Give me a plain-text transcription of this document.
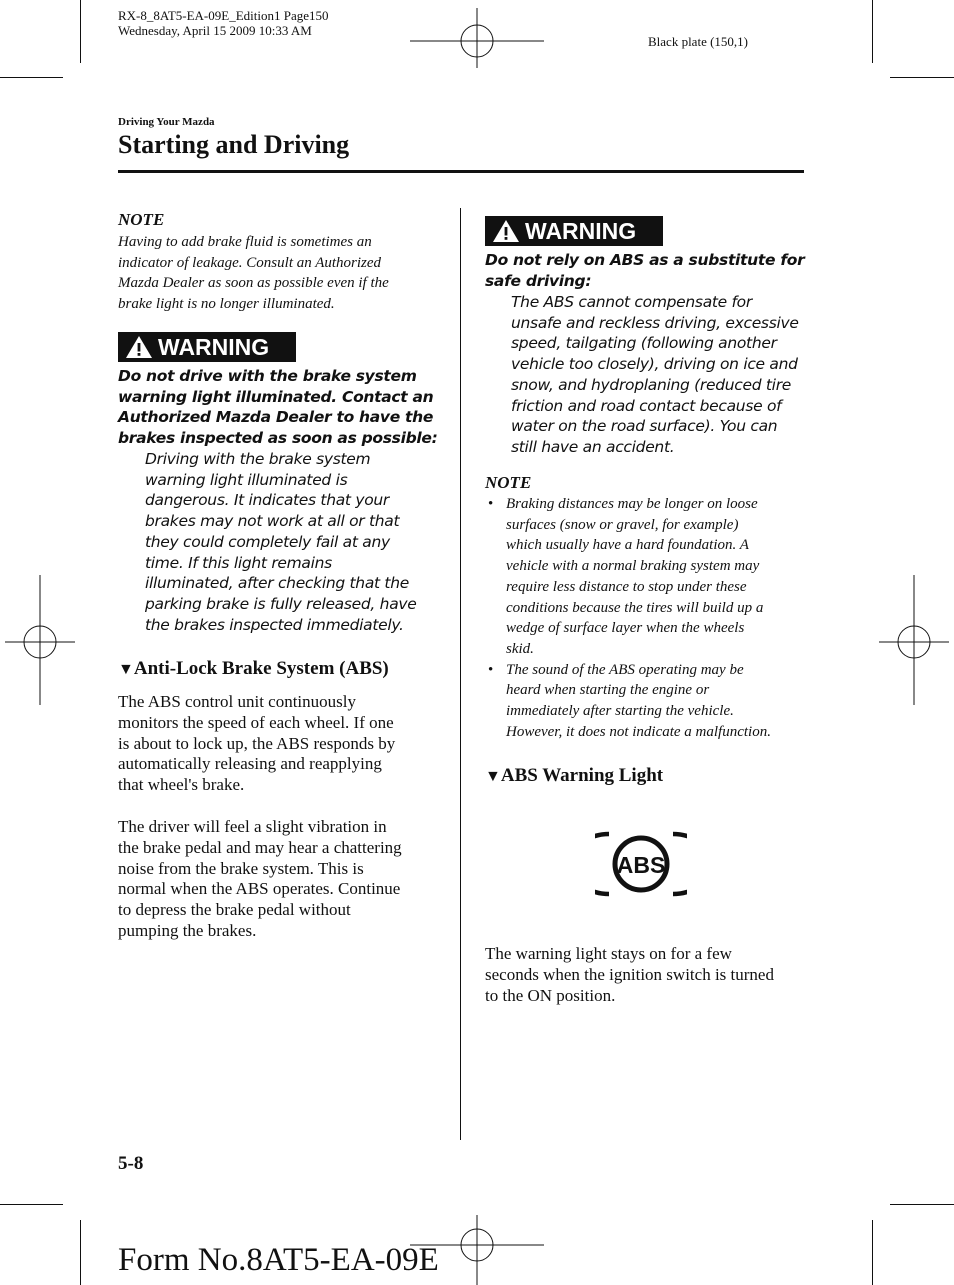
RX-8_8AT5-EA-09E_Edition1 Page150
Wednesday, April 15 2009 10:33 AM
Black plate (150,1)
Driving Your Mazda
Starting and Driving
NOTE
Having to add brake fluid is sometimes an
indicator of leakage. Consult an Authorized
Mazda Dealer as soon as possible even if the
brake light is no longer illuminated.
WARNING
Do not drive with the brake system
warning light illuminated. Contact an
Authorized Mazda Dealer to have the
brakes inspected as soon as possible:
Driving with the brake system
warning light illuminated is
dangerous. It indicates that your
brakes may not work at all or that
they could completely fail at any
time. If this light remains
illuminated, after checking that the
parking brake is fully released, have
the brakes inspected immediately.
▼Anti-Lock Brake System (ABS)
The ABS control unit continuously
monitors the speed of each wheel. If one
is about to lock up, the ABS responds by
automatically releasing and reapplying
that wheel's brake.
The driver will feel a slight vibration in
the brake pedal and may hear a chattering
noise from the brake system. This is
normal when the ABS operates. Continue
to depress the brake pedal without
pumping the brakes.
WARNING
Do not rely on ABS as a substitute for
safe driving:
The ABS cannot compensate for
unsafe and reckless driving, excessive
speed, tailgating (following another
vehicle too closely), driving on ice and
snow, and hydroplaning (reduced tire
friction and road contact because of
water on the road surface). You can
still have an accident.
NOTE
• Braking distances may be longer on loose
surfaces (snow or gravel, for example)
which usually have a hard foundation. A
vehicle with a normal braking system may
require less distance to stop under these
conditions because the tires will build up a
wedge of surface layer when the wheels
skid.
• The sound of the ABS operating may be
heard when starting the engine or
immediately after starting the vehicle.
However, it does not indicate a malfunction.
▼ABS Warning Light
ABS
The warning light stays on for a few
seconds when the ignition switch is turned
to the ON position.
5-8
Form No.8AT5-EA-09E
